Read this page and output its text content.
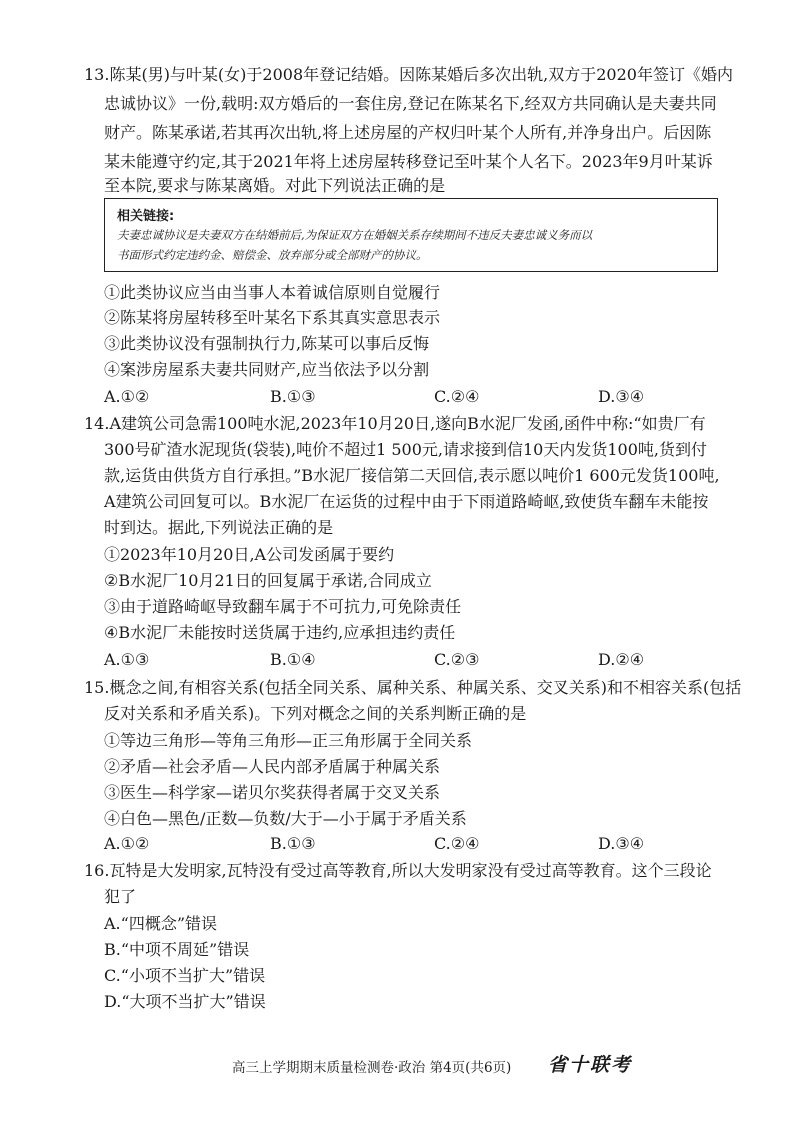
13.陈某(男)与叶某(女)于2008年登记结婚。因陈某婚后多次出轨,双方于2020年签订《婚内
忠诚协议》一份,载明:双方婚后的一套住房,登记在陈某名下,经双方共同确认是夫妻共同
财产。陈某承诺,若其再次出轨,将上述房屋的产权归叶某个人所有,并净身出户。后因陈
某未能遵守约定,其于2021年将上述房屋转移登记至叶某个人名下。2023年9月叶某诉
至本院,要求与陈某离婚。对此下列说法正确的是
相关链接:
夫妻忠诚协议是夫妻双方在结婚前后,为保证双方在婚姻关系存续期间不违反夫妻忠诚义务而以
书面形式约定违约金、赔偿金、放弃部分或全部财产的协议。
①此类协议应当由当事人本着诚信原则自觉履行
②陈某将房屋转移至叶某名下系其真实意思表示
③此类协议没有强制执行力,陈某可以事后反悔
④案涉房屋系夫妻共同财产,应当依法予以分割
A.①②	B.①③	C.②④	D.③④
14.A建筑公司急需100吨水泥,2023年10月20日,遂向B水泥厂发函,函件中称:“如贵厂有
300号矿渣水泥现货(袋装),吨价不超过1 500元,请求接到信10天内发货100吨,货到付
款,运货由供货方自行承担。”B水泥厂接信第二天回信,表示愿以吨价1 600元发货100吨,
A建筑公司回复可以。B水泥厂在运货的过程中由于下雨道路崎岖,致使货车翻车未能按
时到达。据此,下列说法正确的是
①2023年10月20日,A公司发函属于要约
②B水泥厂10月21日的回复属于承诺,合同成立
③由于道路崎岖导致翻车属于不可抗力,可免除责任
④B水泥厂未能按时送货属于违约,应承担违约责任
A.①③	B.①④	C.②③	D.②④
15.概念之间,有相容关系(包括全同关系、属种关系、种属关系、交叉关系)和不相容关系(包括
反对关系和矛盾关系)。下列对概念之间的关系判断正确的是
①等边三角形—等角三角形—正三角形属于全同关系
②矛盾—社会矛盾—人民内部矛盾属于种属关系
③医生—科学家—诺贝尔奖获得者属于交叉关系
④白色—黑色/正数—负数/大于—小于属于矛盾关系
A.①②	B.①③	C.②④	D.③④
16.瓦特是大发明家,瓦特没有受过高等教育,所以大发明家没有受过高等教育。这个三段论
犯了
A.“四概念”错误
B.“中项不周延”错误
C.“小项不当扩大”错误
D.“大项不当扩大”错误
高三上学期期末质量检测卷·政治 第4页(共6页) 省十联考
